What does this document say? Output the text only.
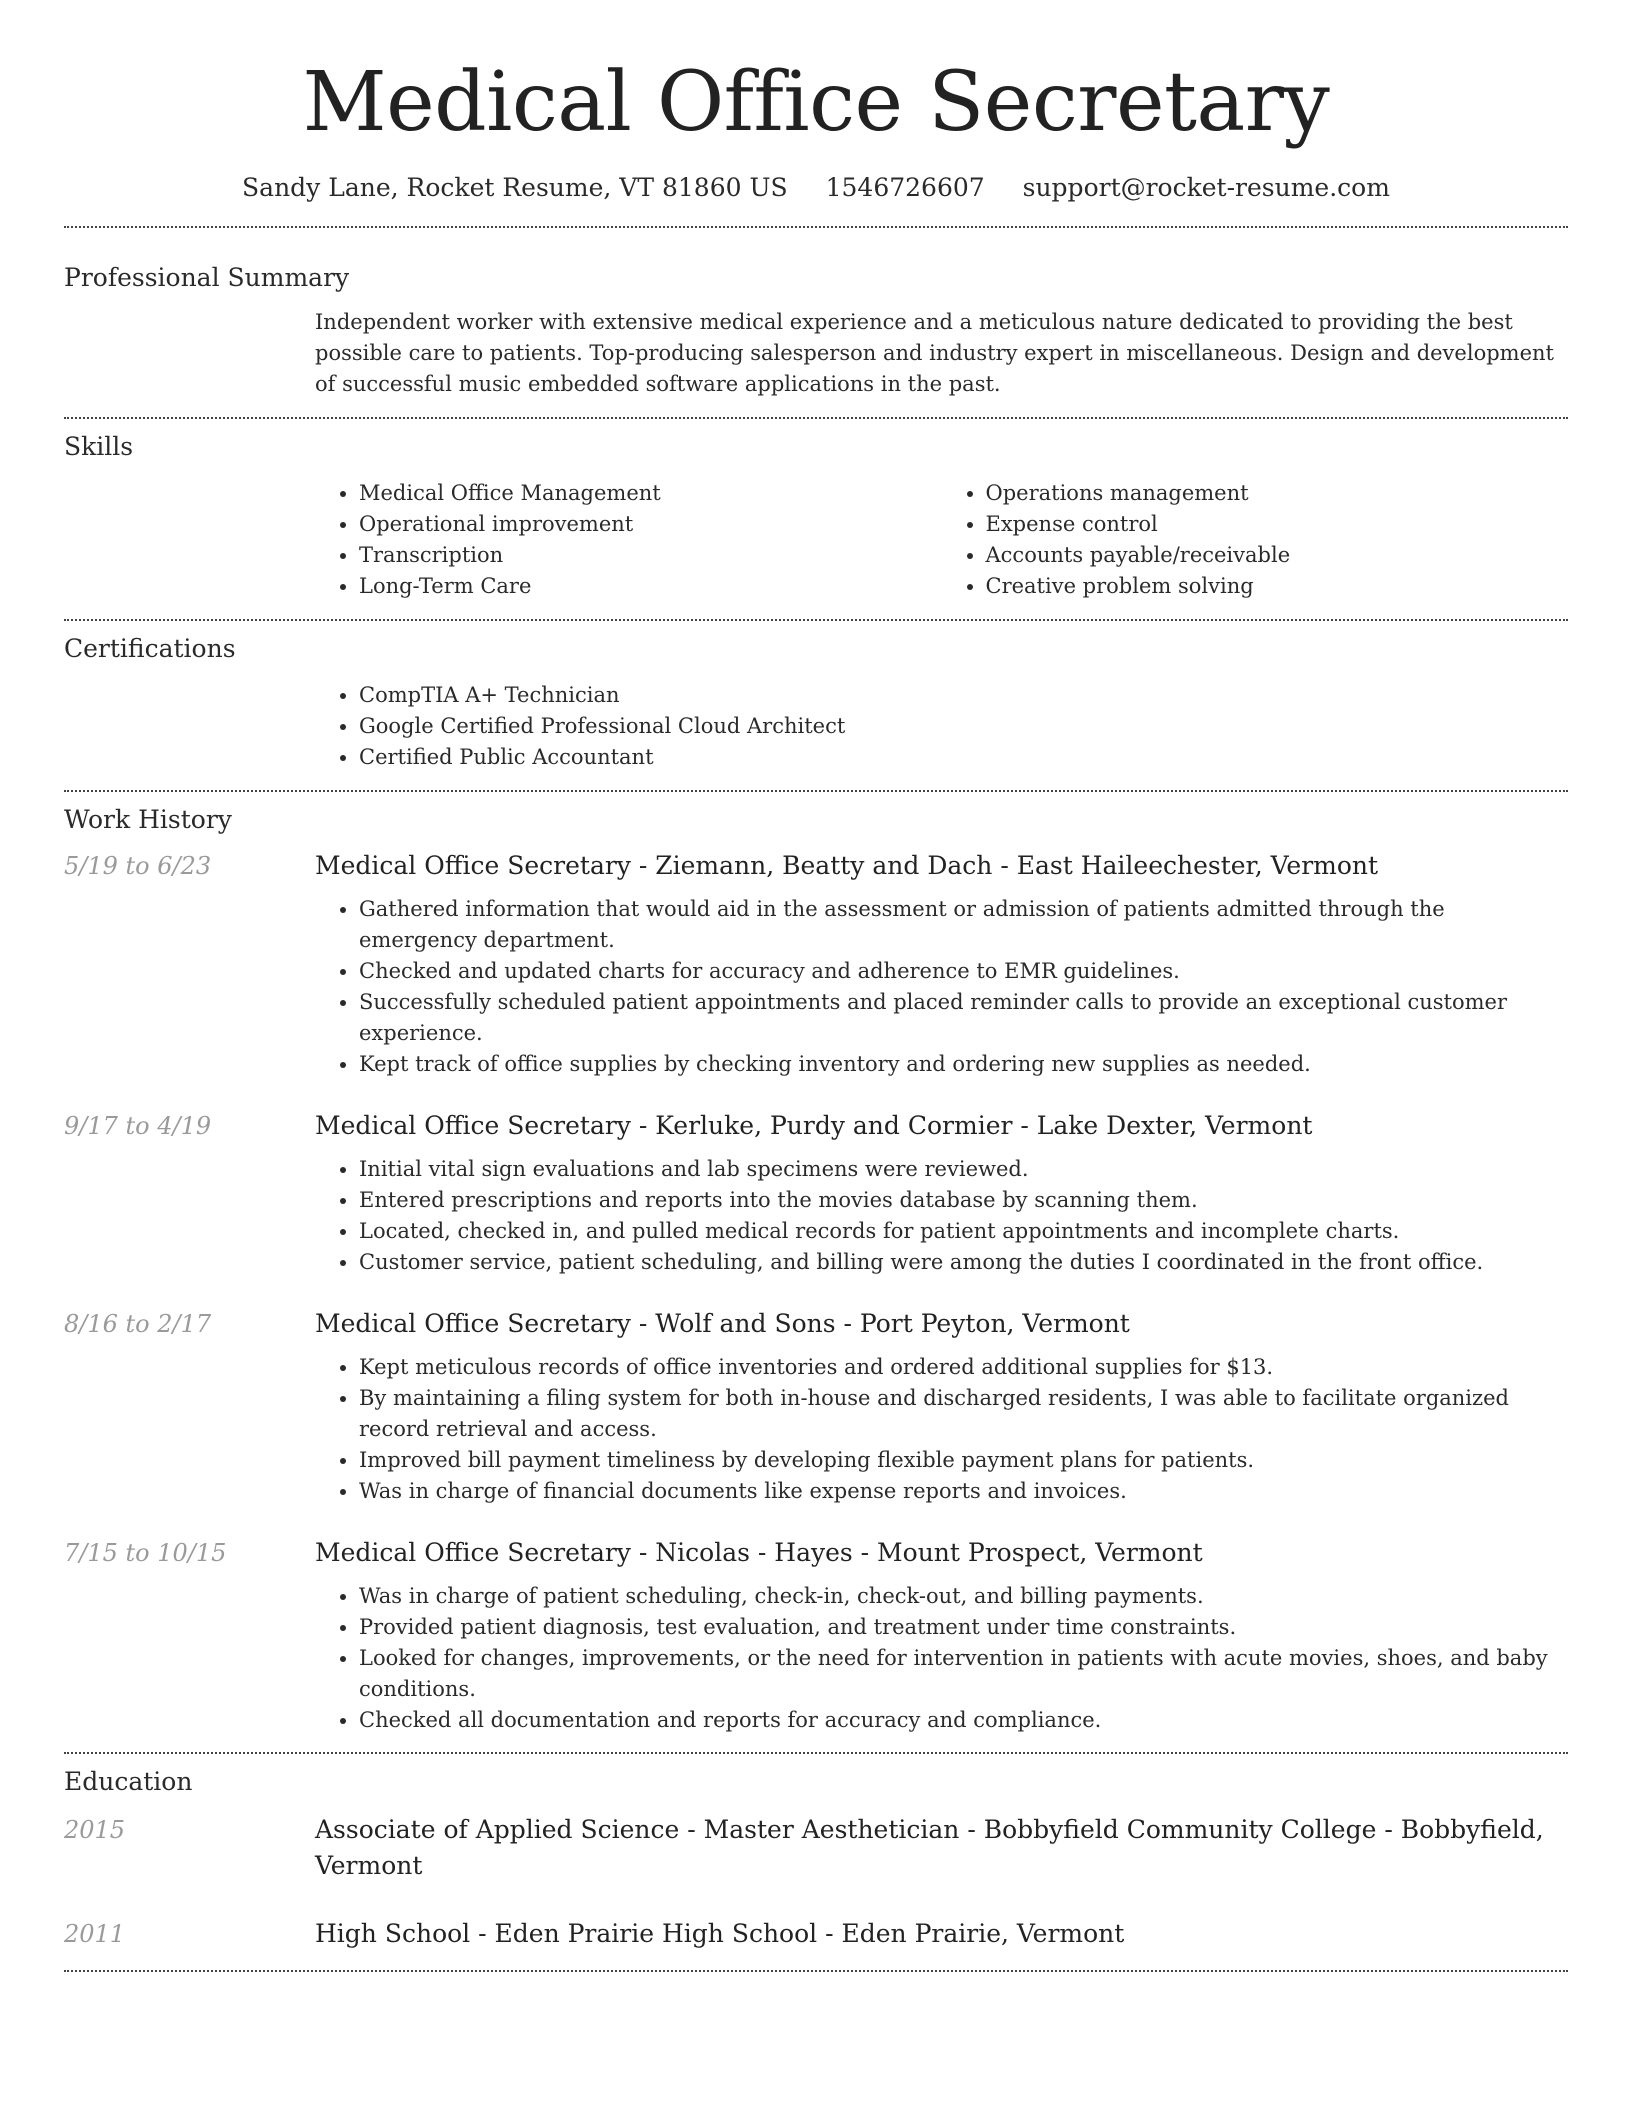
Medical Office Secretary
Sandy Lane, Rocket Resume, VT 81860 US 1546726607 support@rocket-resume.com
Professional Summary

Independent worker with extensive medical experience and a meticulous nature dedicated to providing the best possible care to patients. Top-producing salesperson and industry expert in miscellaneous. Design and development of successful music embedded software applications in the past.

Skills
• Medical Office Management
• Operational improvement
• Transcription
• Long-Term Care
• Operations management
• Expense control
• Accounts payable/receivable
• Creative problem solving
Certifications
• CompTIA A+ Technician
• Google Certified Professional Cloud Architect
• Certified Public Accountant
Work History
5/19 to 6/23	Medical Office Secretary - Ziemann, Beatty and Dach - East Haileechester, Vermont
• Gathered information that would aid in the assessment or admission of patients admitted through the emergency department.
• Checked and updated charts for accuracy and adherence to EMR guidelines.
• Successfully scheduled patient appointments and placed reminder calls to provide an exceptional customer experience.
• Kept track of office supplies by checking inventory and ordering new supplies as needed.
9/17 to 4/19	Medical Office Secretary - Kerluke, Purdy and Cormier - Lake Dexter, Vermont
• Initial vital sign evaluations and lab specimens were reviewed.
• Entered prescriptions and reports into the movies database by scanning them.
• Located, checked in, and pulled medical records for patient appointments and incomplete charts.
• Customer service, patient scheduling, and billing were among the duties I coordinated in the front office.
8/16 to 2/17	Medical Office Secretary - Wolf and Sons - Port Peyton, Vermont
• Kept meticulous records of office inventories and ordered additional supplies for $13.
• By maintaining a filing system for both in-house and discharged residents, I was able to facilitate organized record retrieval and access.
• Improved bill payment timeliness by developing flexible payment plans for patients.
• Was in charge of financial documents like expense reports and invoices.
7/15 to 10/15	Medical Office Secretary - Nicolas - Hayes - Mount Prospect, Vermont
• Was in charge of patient scheduling, check-in, check-out, and billing payments.
• Provided patient diagnosis, test evaluation, and treatment under time constraints.
• Looked for changes, improvements, or the need for intervention in patients with acute movies, shoes, and baby conditions.
• Checked all documentation and reports for accuracy and compliance.
Education
2015	Associate of Applied Science - Master Aesthetician - Bobbyfield Community College - Bobbyfield, Vermont
2011	High School - Eden Prairie High School - Eden Prairie, Vermont
